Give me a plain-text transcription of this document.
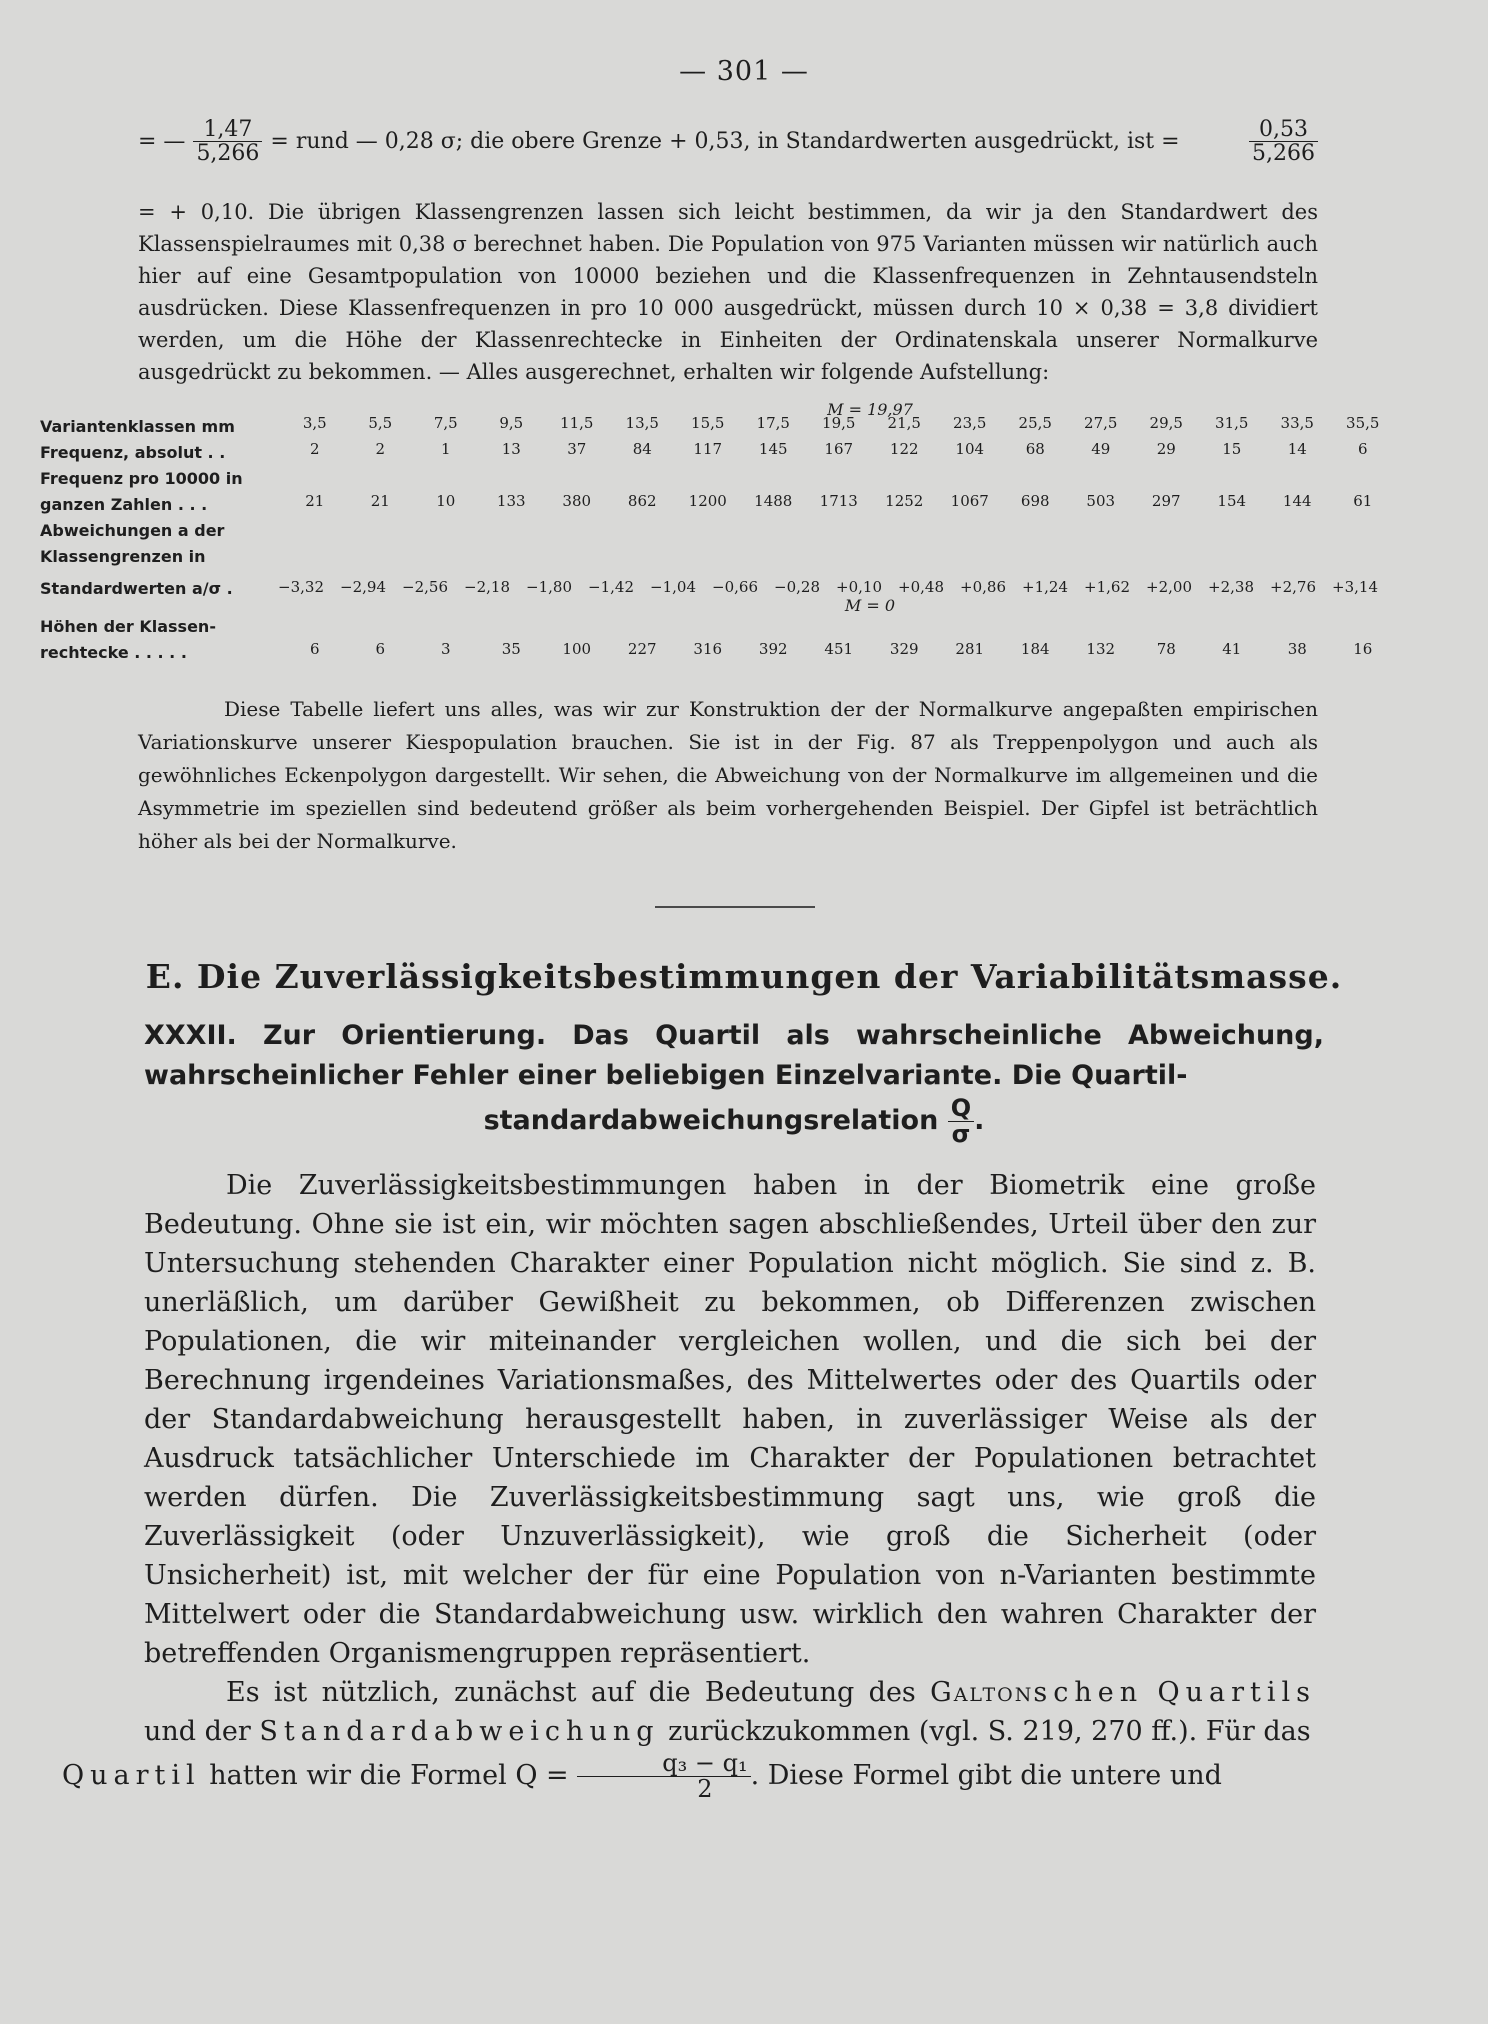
— 301 —
= — $\frac{1,47}{5,266}$ = rund — 0,28 σ; die obere Grenze + 0,53, in Standardwerten ausgedrückt, ist =	$\frac{0,53}{5,266}$
= + 0,10. Die übrigen Klassengrenzen lassen sich leicht bestimmen, da wir ja den Standardwert des Klassenspielraumes mit 0,38 σ berechnet haben. Die Population von 975 Varianten müssen wir natürlich auch hier auf eine Gesamtpopulation von 10000 beziehen und die Klassenfrequenzen in Zehntausendsteln ausdrücken. Diese Klassenfrequenzen in pro 10 000 ausgedrückt, müssen durch 10 × 0,38 = 3,8 dividiert werden, um die Höhe der Klassenrechtecke in Einheiten der Ordinatenskala unserer Normalkurve ausgedrückt zu bekommen. — Alles ausgerechnet, erhalten wir folgende Aufstellung:
M = 19,97
Variantenklassen mm	3,5	5,5	7,5	9,5	11,5	13,5	15,5	17,5	19,5	21,5	23,5	25,5	27,5	29,5	31,5	33,5	35,5
Frequenz, absolut . .	2	2	1	13	37	84	117	145	167	122	104	68	49	29	15	14	6
Frequenz pro 10000 in
ganzen Zahlen . . .	21	21	10	133	380	862	1200	1488	1713	1252	1067	698	503	297	154	144	61
Abweichungen a der
Klassengrenzen in
Standardwerten a/σ .	−3,32	−2,94	−2,56	−2,18	−1,80	−1,42	−1,04	−0,66	−0,28	+0,10	+0,48	+0,86	+1,24	+1,62	+2,00	+2,38	+2,76	+3,14
M = 0
Höhen der Klassen-
rechtecke . . . . .	6	6	3	35	100	227	316	392	451	329	281	184	132	78	41	38	16
Diese Tabelle liefert uns alles, was wir zur Konstruktion der der Normalkurve angepaßten empirischen Variationskurve unserer Kiespopulation brauchen. Sie ist in der Fig. 87 als Treppenpolygon und auch als gewöhnliches Eckenpolygon dargestellt. Wir sehen, die Abweichung von der Normalkurve im allgemeinen und die Asymmetrie im speziellen sind bedeutend größer als beim vorhergehenden Beispiel. Der Gipfel ist beträchtlich höher als bei der Normalkurve.
E. Die Zuverlässigkeitsbestimmungen der Variabilitätsmasse.
XXXII. Zur Orientierung. Das Quartil als wahrscheinliche Abweichung, wahrscheinlicher Fehler einer beliebigen Einzelvariante. Die Quartil-
standardabweichungsrelation $\frac{Q}{\sigma}$ .

Die Zuverlässigkeitsbestimmungen haben in der Biometrik eine große Bedeutung. Ohne sie ist ein, wir möchten sagen abschließendes, Urteil über den zur Untersuchung stehenden Charakter einer Population nicht möglich. Sie sind z. B. unerläßlich, um darüber Gewißheit zu bekommen, ob Differenzen zwischen Populationen, die wir miteinander vergleichen wollen, und die sich bei der Berechnung irgendeines Variationsmaßes, des Mittelwertes oder des Quartils oder der Standardabweichung herausgestellt haben, in zuverlässiger Weise als der Ausdruck tatsächlicher Unterschiede im Charakter der Populationen betrachtet werden dürfen. Die Zuverlässigkeitsbestimmung sagt uns, wie groß die Zuverlässigkeit (oder Unzuverlässigkeit), wie groß die Sicherheit (oder Unsicherheit) ist, mit welcher der für eine Population von n-Varianten bestimmte Mittelwert oder die Standardabweichung usw. wirklich den wahren Charakter der betreffenden Organismengruppen repräsentiert.

Es ist nützlich, zunächst auf die Bedeutung des Galtonschen Quartils und der Standardabweichung zurückzukommen (vgl. S. 219, 270 ff.). Für das
Quartil hatten wir die Formel $Q = \frac{\text{q₃ − q₁}}{2}$ . Diese Formel gibt die untere und
